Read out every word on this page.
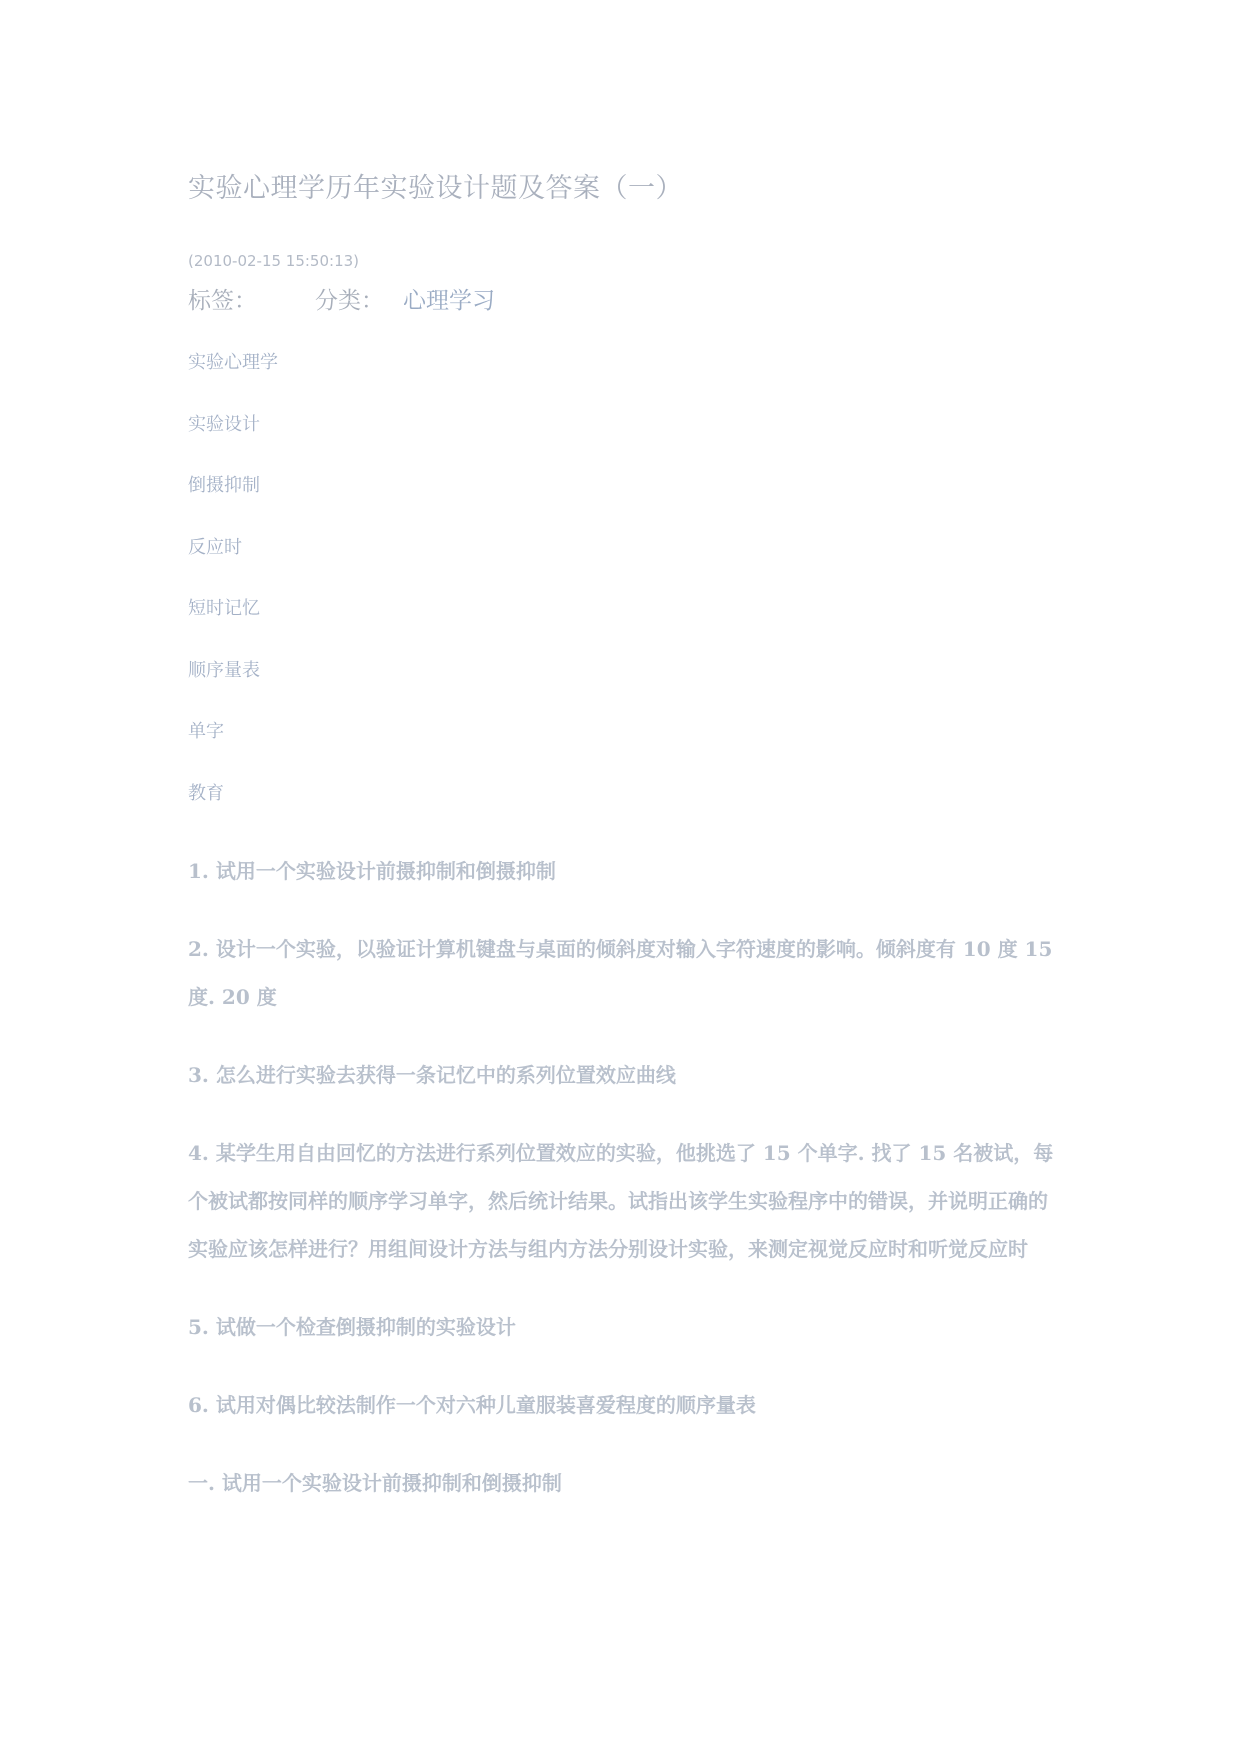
实验心理学历年实验设计题及答案（一）
(2010-02-15 15:50:13)
标签：	分类： 心理学习
实验心理学
实验设计
倒摄抑制
反应时
短时记忆
顺序量表
单字
教育

1. 试用一个实验设计前摄抑制和倒摄抑制

2. 设计一个实验，以验证计算机键盘与桌面的倾斜度对输入字符速度的影响。倾斜度有 10 度 15 度. 20 度

3. 怎么进行实验去获得一条记忆中的系列位置效应曲线

4. 某学生用自由回忆的方法进行系列位置效应的实验，他挑选了 15 个单字. 找了 15 名被试，每个被试都按同样的顺序学习单字，然后统计结果。试指出该学生实验程序中的错误，并说明正确的实验应该怎样进行？用组间设计方法与组内方法分别设计实验，来测定视觉反应时和听觉反应时

5. 试做一个检查倒摄抑制的实验设计

6. 试用对偶比较法制作一个对六种儿童服装喜爱程度的顺序量表

一. 试用一个实验设计前摄抑制和倒摄抑制
